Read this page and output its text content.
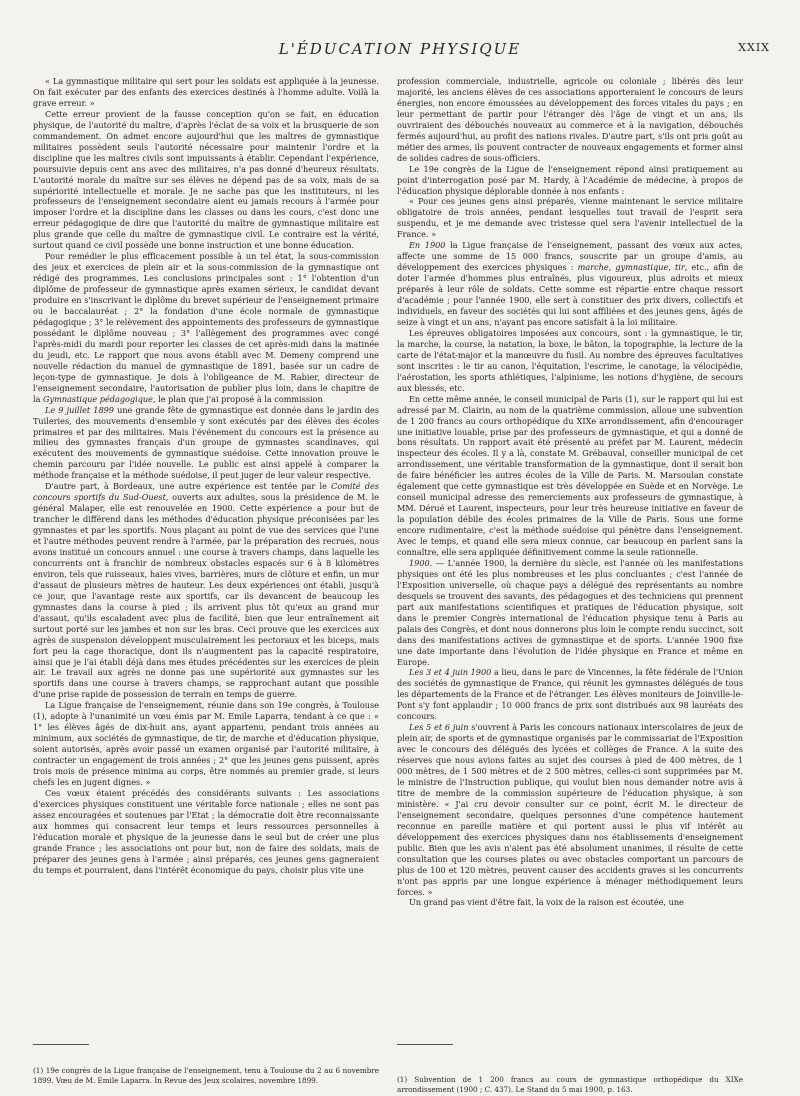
L'ÉDUCATION PHYSIQUE	XXIX

« La gymnastique militaire qui sert pour les soldats est appliquée à la jeunesse. On fait exécuter par des enfants des exercices destinés à l'homme adulte. Voilà la grave erreur. »

Cette erreur provient de la fausse conception qu'on se fait, en éducation physique, de l'autorité du maître, d'après l'éclat de sa voix et la brusquerie de son commandement. On admet encore aujourd'hui que les maîtres de gymnastique militaires possèdent seuls l'autorité nécessaire pour maintenir l'ordre et la discipline que les maîtres civils sont impuissants à établir. Cependant l'expérience, poursuivie depuis cent ans avec des militaires, n'a pas donné d'heureux résultats. L'autorité morale du maître sur ses élèves ne dépend pas de sa voix, mais de sa supériorité intellectuelle et morale. Je ne sache pas que les instituteurs, ni les professeurs de l'enseignement secondaire aient eu jamais recours à l'armée pour imposer l'ordre et la discipline dans les classes ou dans les cours, c'est donc une erreur pédagogique de dire que l'autorité du maître de gymnastique militaire est plus grande que celle du maître de gymnastique civil. Le contraire est la vérité, surtout quand ce civil possède une bonne instruction et une bonne éducation.

Pour remédier le plus efficacement possible à un tel état, la sous-commission des jeux et exercices de plein air et la sous-commission de la gymnastique ont rédigé des programmes. Les conclusions principales sont : 1° l'obtention d'un diplôme de professeur de gymnastique après examen sérieux, le candidat devant produire en s'inscrivant le diplôme du brevet supérieur de l'enseignement primaire ou le baccalauréat ; 2° la fondation d'une école normale de gymnastique pédagogique ; 3° le relèvement des appointements des professeurs de gymnastique possédant le diplôme nouveau ; 3° l'allègement des programmes avec congé l'après-midi du mardi pour reporter les classes de cet après-midi dans la matinée du jeudi, etc. Le rapport que nous avons établi avec M. Demeny comprend une nouvelle rédaction du manuel de gymnastique de 1891, basée sur un cadre de leçon-type de gymnastique. Je dois à l'obligeance de M. Rabier, directeur de l'enseignement secondaire, l'autorisation de publier plus loin, dans le chapitre de la Gymnastique pédagogique, le plan que j'ai proposé à la commission

Le 9 juillet 1899 une grande fête de gymnastique est donnée dans le jardin des Tuileries, des mouvements d'ensemble y sont exécutés par des élèves des écoles primaires et par des militaires. Mais l'événement du concours est la présence au milieu des gymnastes français d'un groupe de gymnastes scandinaves, qui exécutent des mouvements de gymnastique suédoise. Cette innovation prouve le chemin parcouru par l'idée nouvelle. Le public est ainsi appelé à comparer la méthode française et la méthode suédoise, il peut juger de leur valeur respective.

D'autre part, à Bordeaux, une autre expérience est tentée par le Comité des concours sportifs du Sud-Ouest, ouverts aux adultes, sous la présidence de M. le général Malaper, elle est renouvelée en 1900. Cette expérience a pour but de trancher le différend dans les méthodes d'éducation physique préconisées par les gymnastes et par les sportifs. Nous plaçant au point de vue des services que l'une et l'autre méthodes peuvent rendre à l'armée, par la préparation des recrues, nous avons institué un concours annuel : une course à travers champs, dans laquelle les concurrents ont à franchir de nombreux obstacles espacés sur 6 à 8 kilomètres environ, tels que ruisseaux, haies vives, barrières, murs de clôture et enfin, un mur d'assaut de plusieurs mètres de hauteur. Les deux expériences ont établi, jusqu'à ce jour, que l'avantage reste aux sportifs, car ils devancent de beaucoup les gymnastes dans la course à pied ; ils arrivent plus tôt qu'eux au grand mur d'assaut, qu'ils escaladent avec plus de facilité, bien que leur entraînement ait surtout porté sur les jambes et non sur les bras. Ceci prouve que les exercices aux agrès de suspension développent musculairement les pectoraux et les biceps, mais fort peu la cage thoracique, dont ils n'augmentent pas la capacité respiratoire, ainsi que je l'ai établi déjà dans mes études précédentes sur les exercices de plein air. Le travail aux agrès ne donne pas une supériorité aux gymnastes sur les sportifs dans une course à travers champs, se rapprochant autant que possible d'une prise rapide de possession de terrain en temps de guerre.

La Ligue française de l'enseignement, réunie dans son 19e congrès, à Toulouse (1), adopte à l'unanimité un vœu émis par M. Emile Laparra, tendant à ce que : « 1° les élèves âgés de dix-huit ans, ayant appartenu, pendant trois années au minimum, aux sociétés de gymnastique, de tir, de marche et d'éducation physique, soient autorisés, après avoir passé un examen organisé par l'autorité militaire, à contracter un engagement de trois années ; 2° que les jeunes gens puissent, après trois mois de présence minima au corps, être nommés au premier grade, si leurs chefs les en jugent dignes. »

Ces vœux étaient précédés des considérants suivants : Les associations d'exercices physiques constituent une véritable force nationale ; elles ne sont pas assez encouragées et soutenues par l'Etat ; la démocratie doit être reconnaissante aux hommes qui consacrent leur temps et leurs ressources personnelles à l'éducation morale et physique de la jeunesse dans le seul but de créer une plus grande France ; les associations ont pour but, non de faire des soldats, mais de préparer des jeunes gens à l'armée ; ainsi préparés, ces jeunes gens gagneraient du temps et pourraient, dans l'intérêt économique du pays, choisir plus vite une

profession commerciale, industrielle, agricole ou coloniale ; libérés dès leur majorité, les anciens élèves de ces associations apporteraient le concours de leurs énergies, non encore émoussées au développement des forces vitales du pays ; en leur permettant de partir pour l'étranger dès l'âge de vingt et un ans, ils ouvriraient des débouchés nouveaux au commerce et à la navigation, débouchés fermés aujourd'hui, au profit des nations rivales. D'autre part, s'ils ont pris goût au métier des armes, ils pouvent contracter de nouveaux engagements et former ainsi de solides cadres de sous-officiers.

Le 19e congrès de la Ligue de l'enseignement répond ainsi pratiquement au point d'interrogation posé par M. Hardy, à l'Académie de médecine, à propos de l'éducation physique déplorable donnée à nos enfants :

« Pour ces jeunes gens ainsi préparés, vienne maintenant le service militaire obligatoire de trois années, pendant lesquelles tout travail de l'esprit sera suspendu, et je me demande avec tristesse quel sera l'avenir intellectuel de la France. »

En 1900 la Ligue française de l'enseignement, passant des vœux aux actes, affecte une somme de 15 000 francs, souscrite par un groupe d'amis, au développement des exercices physiques : marche, gymnastique, tir, etc., afin de doter l'armée d'hommes plus entraînés, plus vigoureux, plus adroits et mieux préparés à leur rôle de soldats. Cette somme est répartie entre chaque ressort d'académie ; pour l'année 1900, elle sert à constituer des prix divers, collectifs et individuels, en faveur des sociétés qui lui sont affiliées et des jeunes gens, âgés de seize à vingt et un ans, n'ayant pas encore satisfait à la loi militaire.

Les épreuves obligatoires imposées aux concours, sont : la gymnastique, le tir, la marche, la course, la natation, la boxe, le bâton, la topographie, la lecture de la carte de l'état-major et la manœuvre du fusil. Au nombre des épreuves facultatives sont inscrites : le tir au canon, l'équitation, l'escrime, le canotage, la vélocipédie, l'aérostation, les sports athlétiques, l'alpinisme, les notions d'hygiène, de secours aux blessés, etc.

En cette même année, le conseil municipal de Paris (1), sur le rapport qui lui est adressé par M. Clairin, au nom de la quatrième commission, alloue une subvention de 1 200 francs au cours orthopédique du XIXe arrondissement, afin d'encourager une initiative louable, prise par des professeurs de gymnastique, et qui a donné de bons résultats. Un rapport avait été présenté au préfet par M. Laurent, médecin inspecteur des écoles. Il y a là, constate M. Grébauval, conseiller municipal de cet arrondissement, une véritable transformation de la gymnastique, dont il serait bon de faire bénéficier les autres écoles de la Ville de Paris. M. Marsoulan constate également que cette gymnastique est très développée en Suède et en Norvège. Le conseil municipal adresse des remerciements aux professeurs de gymnastique, à MM. Dérué et Laurent, inspecteurs, pour leur très heureuse initiative en faveur de la population débile des écoles primaires de la Ville de Paris. Sous une forme encore rudimentaire, c'est la méthode suédoise qui pénètre dans l'enseignement. Avec le temps, et quand elle sera mieux connue, car beaucoup en parlent sans la connaître, elle sera appliquée définitivement comme la seule rationnelle.

1900. — L'année 1900, la dernière du siècle, est l'année où les manifestations physiques ont été les plus nombreuses et les plus concluantes ; c'est l'année de l'Exposition universelle, où chaque pays a délégué des représentants au nombre desquels se trouvent des savants, des pédagogues et des techniciens qui prennent part aux manifestations scientifiques et pratiques de l'éducation physique, soit dans le premier Congrès international de l'éducation physique tenu à Paris au palais des Congrès, et dont nous donnerons plus loin le compte rendu succinct, soit dans des manifestations actives de gymnastique et de sports. L'année 1900 fixe une date importante dans l'évolution de l'idée physique en France et même en Europe.

Les 3 et 4 juin 1900 a lieu, dans le parc de Vincennes, la fête fédérale de l'Union des sociétés de gymnastique de France, qui réunit les gymnastes délégués de tous les départements de la France et de l'étranger. Les élèves moniteurs de Joinville-le-Pont s'y font applaudir ; 10 000 francs de prix sont distribués aux 98 lauréats des concours.

Les 5 et 6 juin s'ouvrent à Paris les concours nationaux interscolaires de jeux de plein air, de sports et de gymnastique organisés par le commissariat de l'Exposition avec le concours des délégués des lycées et collèges de France. A la suite des réserves que nous avions faites au sujet des courses à pied de 400 mètres, de 1 000 mètres, de 1 500 mètres et de 2 500 mètres, celles-ci sont supprimées par M. le ministre de l'Instruction publique, qui voulut bien nous demander notre avis à titre de membre de la commission supérieure de l'éducation physique, à son ministère. « J'ai cru devoir consulter sur ce point, écrit M. le directeur de l'enseignement secondaire, quelques personnes d'une compétence hautement reconnue en pareille matière et qui portent aussi le plus vif intérêt au développement des exercices physiques dans nos établissements d'enseignement public. Bien que les avis n'aient pas été absolument unanimes, il résulte de cette consultation que les courses plates ou avec obstacles comportant un parcours de plus de 100 et 120 mètres, peuvent causer des accidents graves si les concurrents n'ont pas appris par une longue expérience à ménager méthodiquement leurs forces. »

Un grand pas vient d'être fait, la voix de la raison est écoutée, une

(1) 19e congrès de la Ligue française de l'enseignement, tenu à Toulouse du 2 au 6 novembre 1899. Vœu de M. Emile Laparra. In Revue des Jeux scolaires, novembre 1899.	(1) Subvention de 1 200 francs au cours de gymnastique orthopédique du XIXe arrondissement (1900 ; C. 437). Le Stand du 5 mai 1900, p. 163.
